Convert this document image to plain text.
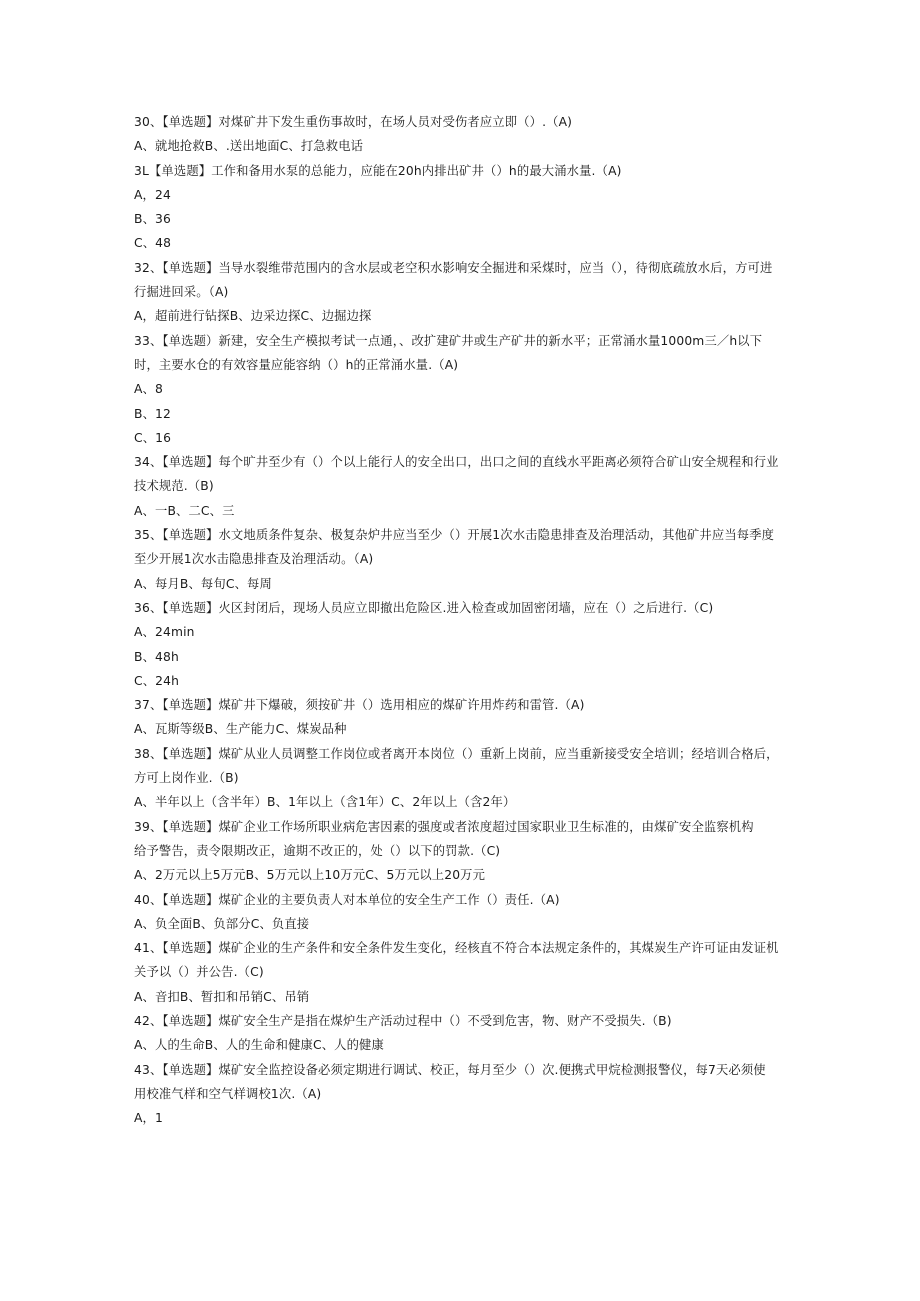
30、【单选题】对煤矿井下发生重伤事故时，在场人员对受伤者应立即（）.（A)
A、就地抢救B、.送出地面C、打急救电话
3L【单选题】工作和备用水泵的总能力，应能在20h内排出矿井（）h的最大涌水量.（A)
A，24
B、36
C、48
32、【单选题】当导水裂维带范围内的含水层或老空积水影响安全掘进和采煤时，应当（），待彻底疏放水后，方可进
行掘进回采。（A)
A，超前进行钻探B、边采边探C、边掘边探
33、【单选题）新建，安全生产模拟考试一点通，、改扩建矿井或生产矿井的新水平；正常涌水量1000m三／h以下
时，主要水仓的有效容量应能容纳（）h的正常涌水量.（A)
A、8
B、12
C、16
34、【单选题】每个旷井至少有（）个以上能行人的安全出口，出口之间的直线水平距离必须符合矿山安全规程和行业
技术规范.（B)
A、一B、二C、三
35、【单选题】水文地质条件复杂、极复杂炉井应当至少（）开展1次水击隐患排查及治理活动，其他矿井应当每季度
至少开展1次水击隐患排查及治理活动。（A)
A、每月B、每旬C、每周
36、【单选题】火区封闭后，现场人员应立即撤出危险区.进入检查或加固密闭墙，应在（）之后进行.（C)
A、24min
B、48h
C、24h
37、【单选题】煤矿井下爆破，须按矿井（）选用相应的煤矿许用炸药和雷管.（A)
A、瓦斯等级B、生产能力C、煤炭品种
38、【单选题】煤矿从业人员调整工作岗位或者离开本岗位（）重新上岗前，应当重新接受安全培训；经培训合格后，
方可上岗作业.（B)
A、半年以上（含半年）B、1年以上（含1年）C、2年以上（含2年）
39、【单选题】煤矿企业工作场所职业病危害因素的强度或者浓度超过国家职业卫生标准的，由煤矿安全监察机构
给予警告，责令限期改正，逾期不改正的，处（）以下的罚款.（C)
A、2万元以上5万元B、5万元以上10万元C、5万元以上20万元
40、【单选题】煤矿企业的主要负责人对本单位的安全生产工作（）责任.（A)
A、负全面B、负部分C、负直接
41、【单选题】煤矿企业的生产条件和安全条件发生变化，经核直不符合本法规定条件的，其煤炭生产许可证由发证机
关予以（）并公告.（C)
A、音扣B、暂扣和吊销C、吊销
42、【单选题】煤矿安全生产是指在煤炉生产活动过程中（）不受到危害，物、财产不受损失.（B)
A、人的生命B、人的生命和健康C、人的健康
43、【单选题】煤矿安全监控设备必须定期进行调试、校正，每月至少（）次.便携式甲烷检测报警仪，每7天必须使
用校准气样和空气样调校1次.（A)
A，1
